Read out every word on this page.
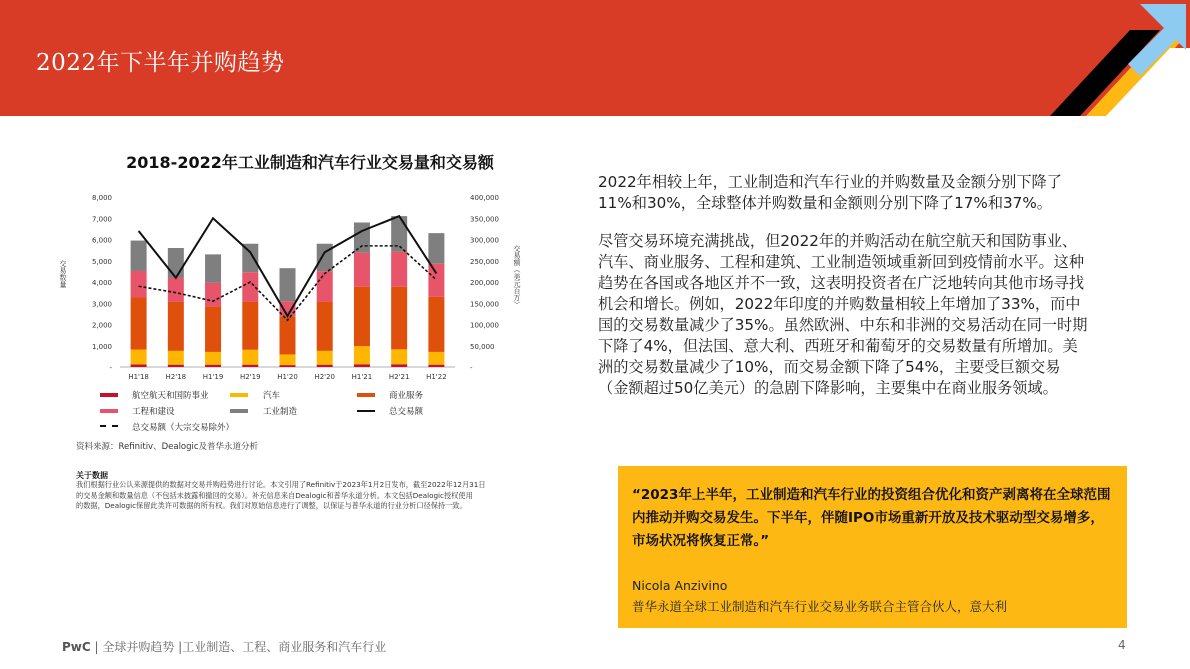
2022年下半年并购趋势
2018-2022年工业制造和汽车行业交易量和交易额
-
1,000
2,000
3,000
4,000
5,000
6,000
7,000
8,000
-
50,000
100,000
150,000
200,000
250,000
300,000
350,000
400,000
交易数量	交易额（美元百万）
H1'18 H2'18 H1'19 H2'19 H1'20 H2'20 H1'21 H2'21 H1'22
航空航天和国防事业	汽车	商业服务
工程和建设	工业制造	总交易额
总交易额（大宗交易除外）
资料来源：Refinitiv、Dealogic及普华永道分析
关于数据
我们根据行业公认来源提供的数据对交易并购趋势进行讨论。本文引用了Refinitiv于2023年1月2日发布，截至2022年12月31日
的交易金额和数量信息（不包括未披露和撤回的交易）。补充信息来自Dealogic和普华永道分析。本文包括Dealogic授权使用
的数据，Dealogic保留此类许可数据的所有权。我们对原始信息进行了调整，以保证与普华永道的行业分析口径保持一致。
2022年相较上年，工业制造和汽车行业的并购数量及金额分别下降了11%和30%，全球整体并购数量和金额则分别下降了17%和37%。
尽管交易环境充满挑战，但2022年的并购活动在航空航天和国防事业、汽车、商业服务、工程和建筑、工业制造领域重新回到疫情前水平。这种趋势在各国或各地区并不一致，这表明投资者在广泛地转向其他市场寻找机会和增长。例如，2022年印度的并购数量相较上年增加了33%，而中国的交易数量减少了35%。虽然欧洲、中东和非洲的交易活动在同一时期下降了4%，但法国、意大利、西班牙和葡萄牙的交易数量有所增加。美洲的交易数量减少了10%，而交易金额下降了54%，主要受巨额交易（金额超过50亿美元）的急剧下降影响，主要集中在商业服务领域。
“2023年上半年，工业制造和汽车行业的投资组合优化和资产剥离将在全球范围内推动并购交易发生。下半年，伴随IPO市场重新开放及技术驱动型交易增多，市场状况将恢复正常。”
Nicola Anzivino
普华永道全球工业制造和汽车行业交易业务联合主管合伙人，意大利
PwC | 全球并购趋势 |工业制造、工程、商业服务和汽车行业	4
